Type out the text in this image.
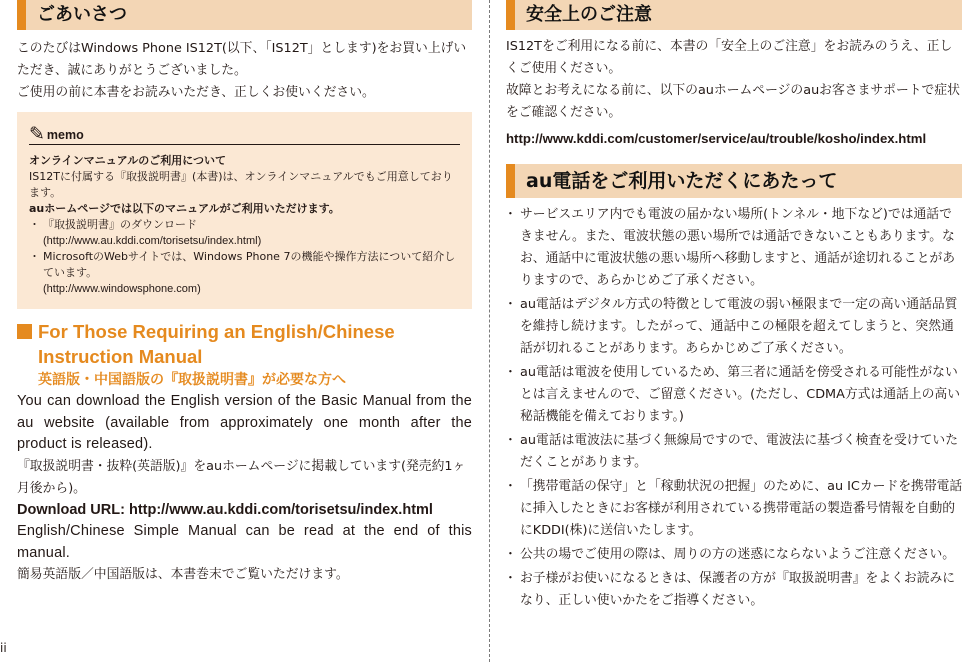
ごあいさつ

このたびはWindows Phone IS12T(以下、「IS12T」とします)をお買い上げいただき、誠にありがとうございました。

ご使用の前に本書をお読みいただき、正しくお使いください。

✎ memo

オンラインマニュアルのご利用について

IS12Tに付属する『取扱説明書』(本書)は、オンラインマニュアルでもご用意しております。

auホームページでは以下のマニュアルがご利用いただけます。

・ 『取扱説明書』のダウンロード
(http://www.au.kddi.com/torisetsu/index.html)
・ MicrosoftのWebサイトでは、Windows Phone 7の機能や操作方法について紹介しています。
(http://www.windowsphone.com)

For Those Requiring an English/Chinese

Instruction Manual

英語版・中国語版の『取扱説明書』が必要な方へ

You can download the English version of the Basic Manual from the au website (available from approximately one month after the product is released).

『取扱説明書・抜粋(英語版)』をauホームページに掲載しています(発売約1ヶ月後から)。

Download URL: http://www.au.kddi.com/torisetsu/index.html

English/Chinese Simple Manual can be read at the end of this manual.

簡易英語版／中国語版は、本書巻末でご覧いただけます。

ii
安全上のご注意

IS12Tをご利用になる前に、本書の「安全上のご注意」をお読みのうえ、正しくご使用ください。

故障とお考えになる前に、以下のauホームページのauお客さまサポートで症状をご確認ください。

http://www.kddi.com/customer/service/au/trouble/kosho/index.html

au電話をご利用いただくにあたって
・ サービスエリア内でも電波の届かない場所(トンネル・地下など)では通話できません。また、電波状態の悪い場所では通話できないこともあります。なお、通話中に電波状態の悪い場所へ移動しますと、通話が途切れることがありますので、あらかじめご了承ください。
・ au電話はデジタル方式の特徴として電波の弱い極限まで一定の高い通話品質を維持し続けます。したがって、通話中この極限を超えてしまうと、突然通話が切れることがあります。あらかじめご了承ください。
・ au電話は電波を使用しているため、第三者に通話を傍受される可能性がないとは言えませんので、ご留意ください。(ただし、CDMA方式は通話上の高い秘話機能を備えております。)
・ au電話は電波法に基づく無線局ですので、電波法に基づく検査を受けていただくことがあります。
・ 「携帯電話の保守」と「稼動状況の把握」のために、au ICカードを携帯電話に挿入したときにお客様が利用されている携帯電話の製造番号情報を自動的にKDDI(株)に送信いたします。
・ 公共の場でご使用の際は、周りの方の迷惑にならないようご注意ください。
・ お子様がお使いになるときは、保護者の方が『取扱説明書』をよくお読みになり、正しい使いかたをご指導ください。
